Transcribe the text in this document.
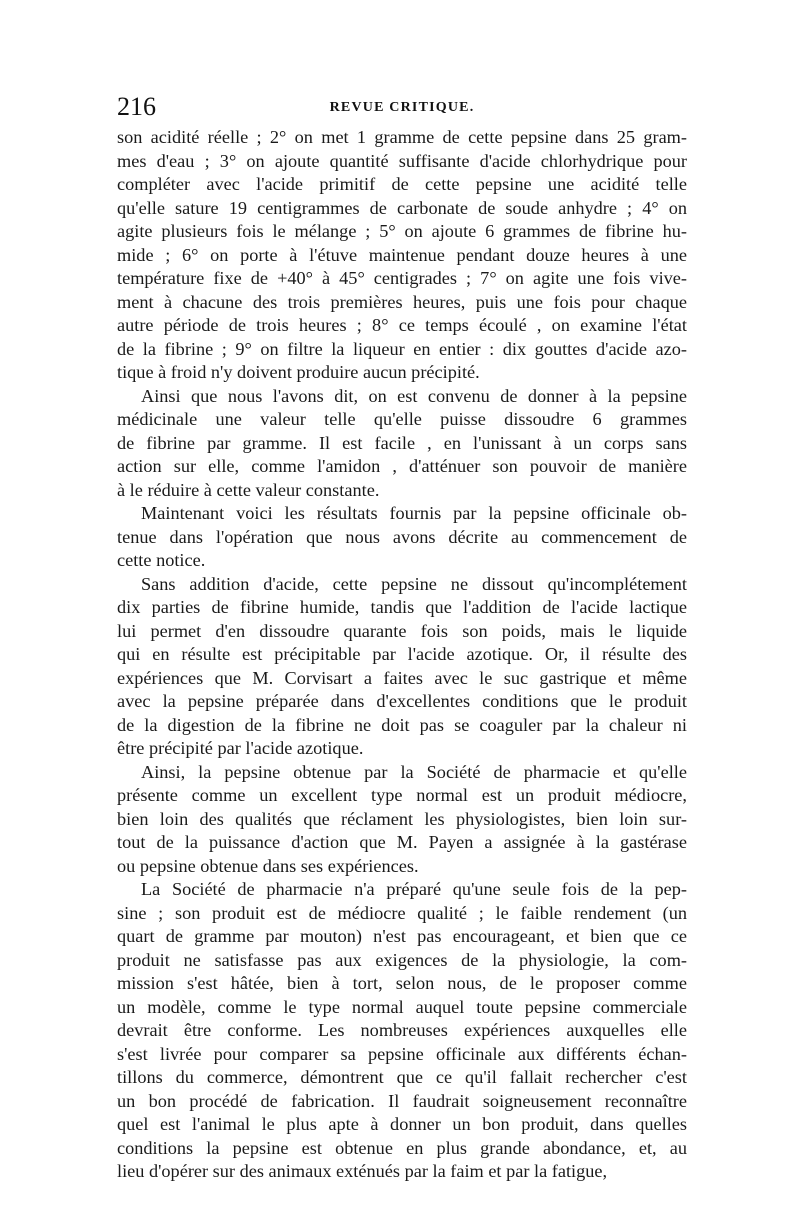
216	REVUE CRITIQUE.
son acidité réelle ; 2° on met 1 gramme de cette pepsine dans 25 gram-
mes d'eau ; 3° on ajoute quantité suffisante d'acide chlorhydrique pour
compléter avec l'acide primitif de cette pepsine une acidité telle
qu'elle sature 19 centigrammes de carbonate de soude anhydre ; 4° on
agite plusieurs fois le mélange ; 5° on ajoute 6 grammes de fibrine hu-
mide ; 6° on porte à l'étuve maintenue pendant douze heures à une
température fixe de +40° à 45° centigrades ; 7° on agite une fois vive-
ment à chacune des trois premières heures, puis une fois pour chaque
autre période de trois heures ; 8° ce temps écoulé , on examine l'état
de la fibrine ; 9° on filtre la liqueur en entier : dix gouttes d'acide azo-
tique à froid n'y doivent produire aucun précipité.
Ainsi que nous l'avons dit, on est convenu de donner à la pepsine
médicinale une valeur telle qu'elle puisse dissoudre 6 grammes
de fibrine par gramme. Il est facile , en l'unissant à un corps sans
action sur elle, comme l'amidon , d'atténuer son pouvoir de manière
à le réduire à cette valeur constante.
Maintenant voici les résultats fournis par la pepsine officinale ob-
tenue dans l'opération que nous avons décrite au commencement de
cette notice.
Sans addition d'acide, cette pepsine ne dissout qu'incomplétement
dix parties de fibrine humide, tandis que l'addition de l'acide lactique
lui permet d'en dissoudre quarante fois son poids, mais le liquide
qui en résulte est précipitable par l'acide azotique. Or, il résulte des
expériences que M. Corvisart a faites avec le suc gastrique et même
avec la pepsine préparée dans d'excellentes conditions que le produit
de la digestion de la fibrine ne doit pas se coaguler par la chaleur ni
être précipité par l'acide azotique.
Ainsi, la pepsine obtenue par la Société de pharmacie et qu'elle
présente comme un excellent type normal est un produit médiocre,
bien loin des qualités que réclament les physiologistes, bien loin sur-
tout de la puissance d'action que M. Payen a assignée à la gastérase
ou pepsine obtenue dans ses expériences.
La Société de pharmacie n'a préparé qu'une seule fois de la pep-
sine ; son produit est de médiocre qualité ; le faible rendement (un
quart de gramme par mouton) n'est pas encourageant, et bien que ce
produit ne satisfasse pas aux exigences de la physiologie, la com-
mission s'est hâtée, bien à tort, selon nous, de le proposer comme
un modèle, comme le type normal auquel toute pepsine commerciale
devrait être conforme. Les nombreuses expériences auxquelles elle
s'est livrée pour comparer sa pepsine officinale aux différents échan-
tillons du commerce, démontrent que ce qu'il fallait rechercher c'est
un bon procédé de fabrication. Il faudrait soigneusement reconnaître
quel est l'animal le plus apte à donner un bon produit, dans quelles
conditions la pepsine est obtenue en plus grande abondance, et, au
lieu d'opérer sur des animaux exténués par la faim et par la fatigue,
